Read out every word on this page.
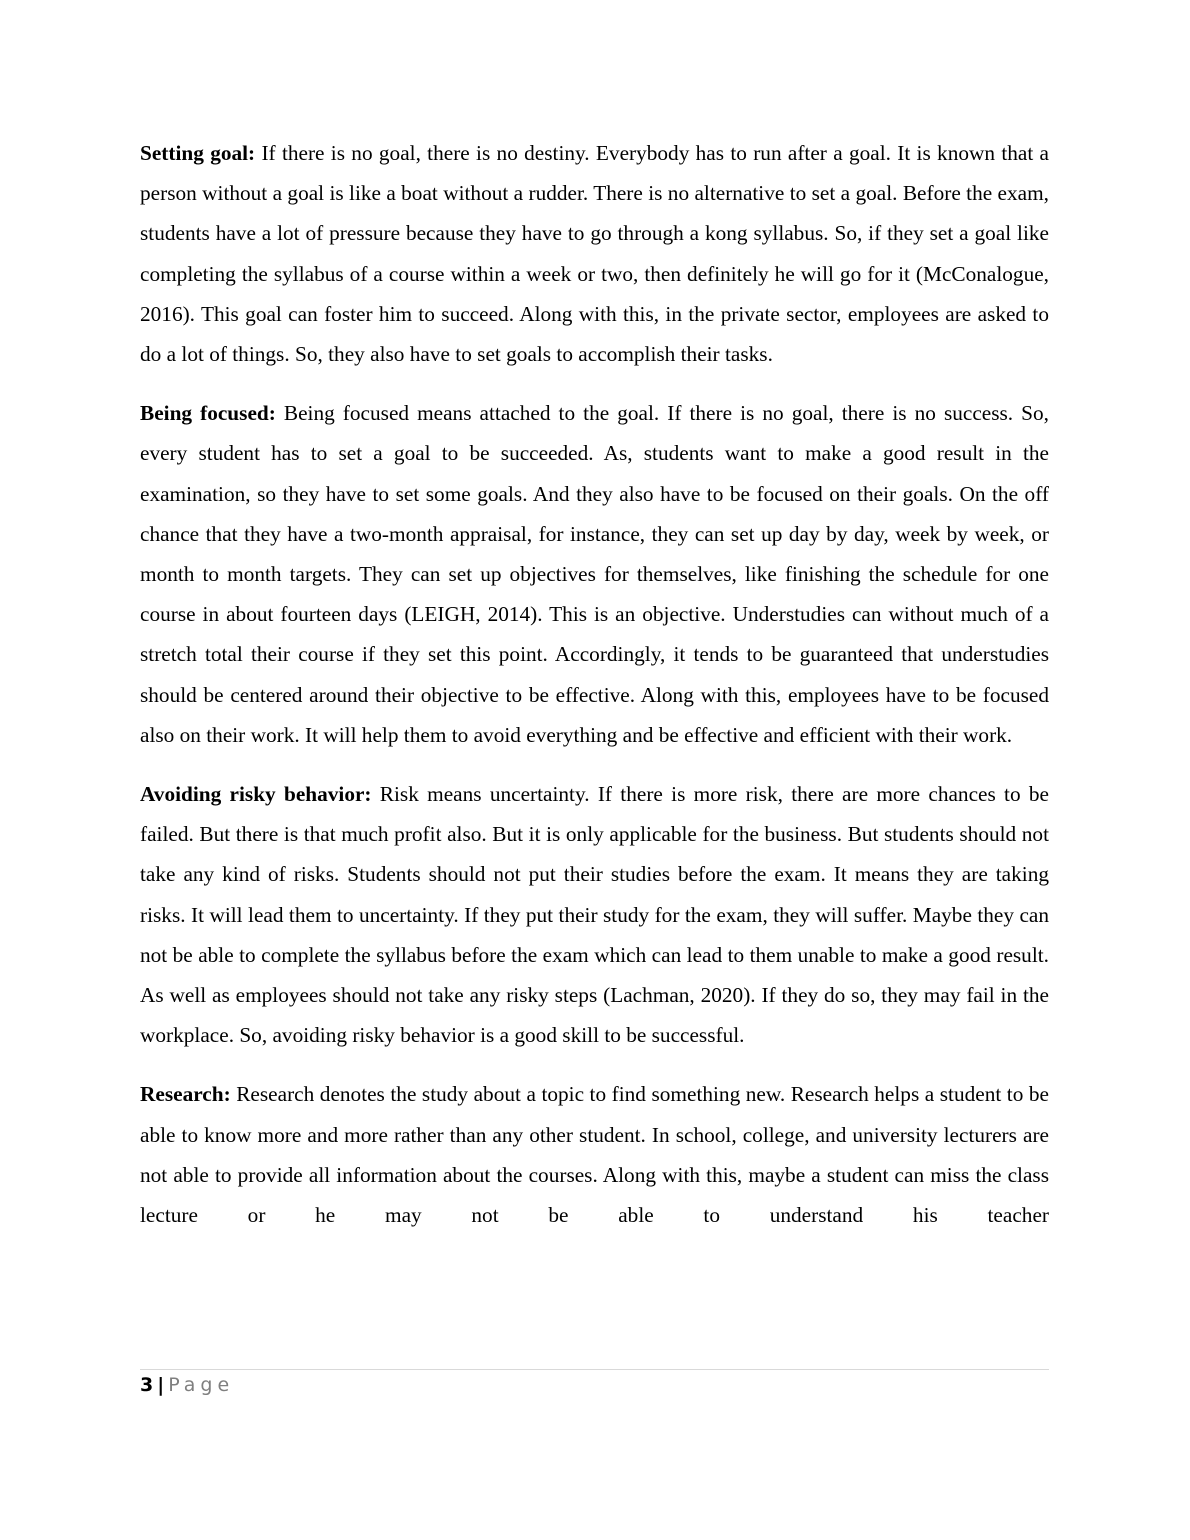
Setting goal: If there is no goal, there is no destiny. Everybody has to run after a goal. It is known that a person without a goal is like a boat without a rudder. There is no alternative to set a goal. Before the exam, students have a lot of pressure because they have to go through a kong syllabus. So, if they set a goal like completing the syllabus of a course within a week or two, then definitely he will go for it (McConalogue, 2016). This goal can foster him to succeed. Along with this, in the private sector, employees are asked to do a lot of things. So, they also have to set goals to accomplish their tasks.

Being focused: Being focused means attached to the goal. If there is no goal, there is no success. So, every student has to set a goal to be succeeded. As, students want to make a good result in the examination, so they have to set some goals. And they also have to be focused on their goals. On the off chance that they have a two-month appraisal, for instance, they can set up day by day, week by week, or month to month targets. They can set up objectives for themselves, like finishing the schedule for one course in about fourteen days (LEIGH, 2014). This is an objective. Understudies can without much of a stretch total their course if they set this point. Accordingly, it tends to be guaranteed that understudies should be centered around their objective to be effective. Along with this, employees have to be focused also on their work. It will help them to avoid everything and be effective and efficient with their work.

Avoiding risky behavior: Risk means uncertainty. If there is more risk, there are more chances to be failed. But there is that much profit also. But it is only applicable for the business. But students should not take any kind of risks. Students should not put their studies before the exam. It means they are taking risks. It will lead them to uncertainty. If they put their study for the exam, they will suffer. Maybe they can not be able to complete the syllabus before the exam which can lead to them unable to make a good result. As well as employees should not take any risky steps (Lachman, 2020). If they do so, they may fail in the workplace. So, avoiding risky behavior is a good skill to be successful.

Research: Research denotes the study about a topic to find something new. Research helps a student to be able to know more and more rather than any other student. In school, college, and university lecturers are not able to provide all information about the courses. Along with this, maybe a student can miss the class lecture or he may not be able to understand his teacher

3 | Page
